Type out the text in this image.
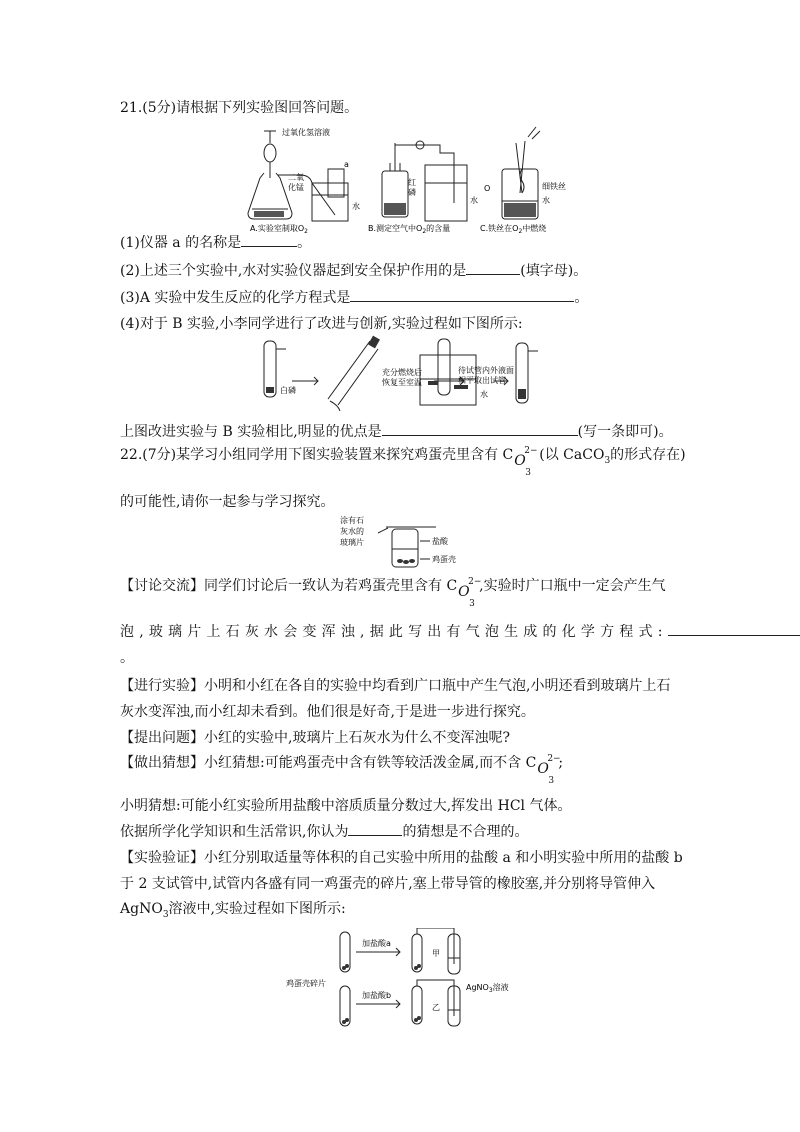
21.(5分)请根据下列实验图回答问题。
过氧化氢溶液
二氧
化锰
a
水
红
磷
水
O	细铁丝
水
A.实验室制取$O_2$	B.测定空气中$O_2$的含量	C.铁丝在$O_2$中燃烧
(1)仪器 a 的名称是	。
(2)上述三个实验中,水对实验仪器起到安全保护作用的是	(填字母)。
(3)A 实验中发生反应的化学方程式是	。
(4)对于 B 实验,小李同学进行了改进与创新,实验过程如下图所示:
白磷
充分燃烧后
恢复至室温
待试管内外液面
相平取出试管
水
上图改进实验与 B 实验相比,明显的优点是	(写一条即可)。
22.(7分)某学习小组同学用下图实验装置来探究鸡蛋壳里含有 C O
3
2− (以 CaCO$_3$的形式存在)
的可能性,请你一起参与学习探究。
涂有石
灰水的
玻璃片	盐酸
鸡蛋壳
【讨论交流】同学们讨论后一致认为若鸡蛋壳里含有 C O
3
2−
,实验时广口瓶中一定会产生气
泡,玻璃片上石灰水会变浑浊,据此写出有气泡生成的化学方程式:
。
【进行实验】小明和小红在各自的实验中均看到广口瓶中产生气泡,小明还看到玻璃片上石
灰水变浑浊,而小红却未看到。他们很是好奇,于是进一步进行探究。
【提出问题】小红的实验中,玻璃片上石灰水为什么不变浑浊呢?
【做出猜想】小红猜想:可能鸡蛋壳中含有铁等较活泼金属,而不含 C O
3
2−
;
小明猜想:可能小红实验所用盐酸中溶质质量分数过大,挥发出 HCl 气体。
依据所学化学知识和生活常识,你认为	的猜想是不合理的。
【实验验证】小红分别取适量等体积的自己实验中所用的盐酸 a 和小明实验中所用的盐酸 b
于 2 支试管中,试管内各盛有同一鸡蛋壳的碎片,塞上带导管的橡胶塞,并分别将导管伸入
AgNO$_3$溶液中,实验过程如下图所示:
鸡蛋壳碎片
加盐酸a
加盐酸b
甲
乙
AgNO$_3$溶液
